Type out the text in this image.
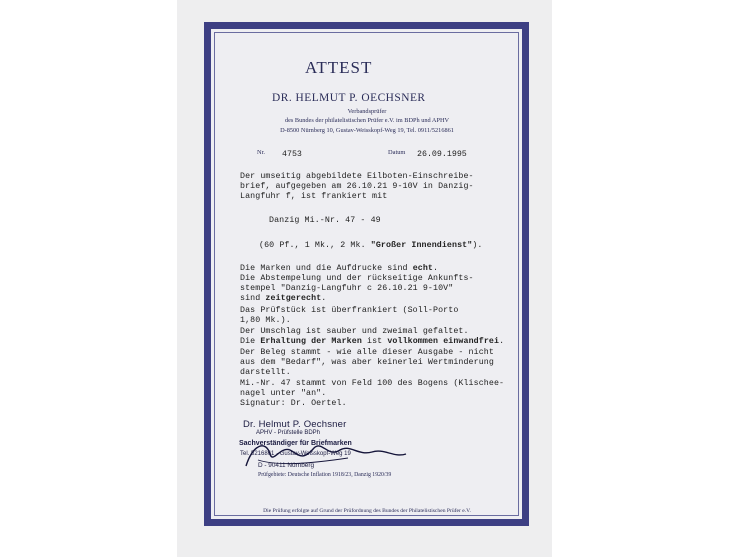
ATTEST
DR. HELMUT P. OECHSNER
Verbandsprüfer
des Bundes der philatelistischen Prüfer e.V. im BDPh und APHV
D-8500 Nürnberg 10, Gustav-Weisskopf-Weg 19, Tel. 0911/5216861
Nr. 4753	Datum 26.09.1995
Der umseitig abgebildete Eilboten-Einschreibe-
brief, aufgegeben am 26.10.21 9-10V in Danzig-
Langfuhr f, ist frankiert mit
Danzig Mi.-Nr. 47 - 49
(60 Pf., 1 Mk., 2 Mk. "Großer Innendienst").
Die Marken und die Aufdrucke sind echt.
Die Abstempelung und der rückseitige Ankunfts-
stempel "Danzig-Langfuhr c 26.10.21 9-10V"
sind zeitgerecht.
Das Prüfstück ist überfrankiert (Soll-Porto
1,80 Mk.).
Der Umschlag ist sauber und zweimal gefaltet.
Die Erhaltung der Marken ist vollkommen einwandfrei.
Der Beleg stammt - wie alle dieser Ausgabe - nicht
aus dem "Bedarf", was aber keinerlei Wertminderung
darstellt.
Mi.-Nr. 47 stammt von Feld 100 des Bogens (Klischee-
nagel unter "an".
Signatur: Dr. Oertel.
Dr. Helmut P. Oechsner
APHV - Prüfstelle BDPh
Sachverständiger für Briefmarken
Tel. 5216861 · Gustav-Weisskopf-Weg 19
D - 90411 Nürnberg
Prüfgebiete: Deutsche Inflation 1918/23, Danzig 1920/39
Die Prüfung erfolgte auf Grund der Prüfordnung des Bundes der Philatelistischen Prüfer e.V.
